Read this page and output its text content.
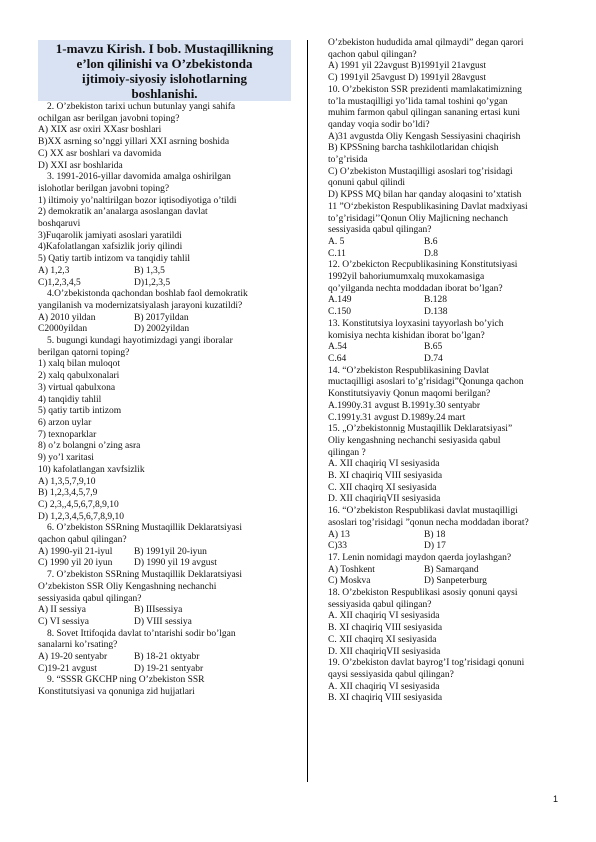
1-mavzu Kirish. I bob. Mustaqillikning
e’lon qilinishi va O’zbekistonda
ijtimoiy-siyosiy islohotlarning
boshlanishi.
2. O’zbekiston tarixi uchun butunlay yangi sahifa
ochilgan asr berilgan javobni toping?
A) XIX asr oxiri XXasr boshlari
B)XX asrning so’nggi yillari XXI asrning boshida
C) XX asr boshlari va davomida
D) XXI asr boshlarida
3. 1991-2016-yillar davomida amalga oshirilgan
islohotlar berilgan javobni toping?
1) iltimoiy yo’naltirilgan bozor iqtisodiyotiga o’tildi
2) demokratik an’analarga asoslangan davlat
boshqaruvi
3)Fuqarolik jamiyati asoslari yaratildi
4)Kafolatlangan xafsizlik joriy qilindi
5) Qatiy tartib intizom va tanqidiy tahlil
A) 1,2,3	B) 1,3,5
C)1,2,3,4,5	D)1,2,3,5
4.O’zbekistonda qachondan boshlab faol demokratik
yangilanish va modernizatsiyalash jarayoni kuzatildi?
A) 2010 yildan	B) 2017yildan
C2000yildan	D) 2002yildan
5. bugungi kundagi hayotimizdagi yangi iboralar
berilgan qatorni toping?
1) xalq bilan muloqot
2) xalq qabulxonalari
3) virtual qabulxona
4) tanqidiy tahlil
5) qatiy tartib intizom
6) arzon uylar
7) texnoparklar
8) o’z bolangni o’zing asra
9) yo’l xaritasi
10) kafolatlangan xavfsizlik
A) 1,3,5,7,9,10
B) 1,2,3,4,5,7,9
C) 2,3,,4,5,6,7,8,9,10
D) 1,2,3,4,5,6,7,8,9,10
6. O’zbekiston SSRning Mustaqillik Deklaratsiyasi
qachon qabul qilingan?
A) 1990-yil 21-iyul	B) 1991yil 20-iyun
C) 1990 yil 20 iyun	D) 1990 yil 19 avgust
7. O’zbekiston SSRning Mustaqillik Deklaratsiyasi
O’zbekiston SSR Oliy Kengashning nechanchi
sessiyasida qabul qilingan?
A) II sessiya	B) IIIsessiya
C) VI sessiya	D) VIII sessiya
8. Sovet Ittifoqida davlat to’ntarishi sodir bo’lgan
sanalarni ko’rsating?
A) 19-20 sentyabr	B) 18-21 oktyabr
C)19-21 avgust	D) 19-21 sentyabr
9. “SSSR GKCHP ning O’zbekiston SSR
Konstitutsiyasi va qonuniga zid hujjatlari
O’zbekiston hududida amal qilmaydi” degan qarori
qachon qabul qilingan?
A) 1991 yil 22avgust B)1991yil 21avgust
C) 1991yil 25avgust D) 1991yil 28avgust
10. O’zbekiston SSR prezidenti mamlakatimizning
to’la mustaqilligi yo’lida tamal toshini qo’ygan
muhim farmon qabul qilingan sananing ertasi kuni
qanday voqia sodir bo’ldi?
A)31 avgustda Oliy Kengash Sessiyasini chaqirish
B) KPSSning barcha tashkilotlaridan chiqish
to’g’risida
C) O’zbekiston Mustaqilligi asoslari tog’risidagi
qonuni qabul qilindi
D) KPSS MQ bilan har qanday aloqasini to’xtatish
11 ”O‘zbekiston Respublikasining Davlat madxiyasi
to’g’risidagi’’Qonun Oliy Majlicning nechanch
sessiyasida qabul qilingan?
A. 5	B.6
C.11	D.8
12. O’zbekicton Recpublikasining Konstitutsiyasi
1992yil bahoriumumxalq muxokamasiga
qo’yilganda nechta moddadan iborat bo’lgan?
A.149	B.128
C.150	D.138
13. Konstitutsiya loyxasini tayyorlash bo’yich
komisiya nechta kishidan iborat bo’lgan?
A.54	B.65
C.64	D.74
14. “O’zbekiston Respublikasining Davlat
muctaqilligi asoslari to’g’risidagi”Qonunga qachon
Konstitutsiyaviy Qonun maqomi berilgan?
A.1990y.31 avgust B.1991y.30 sentyabr
C.1991y.31 avgust D.1989y.24 mart
15. „O’zbekistonnig Mustaqillik Deklaratsiyasi”
Oliy kengashning nechanchi sesiyasida qabul
qilingan ?
A. XII chaqiriq VI sesiyasida
B. XI chaqiriq VIII sesiyasida
C. XII chaqirq XI sesiyasida
D. XII chaqiriqVII sesiyasida
16. “O’zbekiston Respublikasi davlat mustaqilligi
asoslari tog’risidagi ”qonun necha moddadan iborat?
A) 13	B) 18
C)33	D) 17
17. Lenin nomidagi maydon qaerda joylashgan?
A) Toshkent	B) Samarqand
C) Moskva	D) Sanpeterburg
18. O’zbekiston Respublikasi asosiy qonuni qaysi
sessiyasida qabul qilingan?
A. XII chaqiriq VI sesiyasida
B. XI chaqiriq VIII sesiyasida
C. XII chaqirq XI sesiyasida
D. XII chaqiriqVII sesiyasida
19. O’zbekiston davlat bayrog’I tog’risidagi qonuni
qaysi sessiyasida qabul qilingan?
A. XII chaqiriq VI sesiyasida
B. XI chaqiriq VIII sesiyasida
1
